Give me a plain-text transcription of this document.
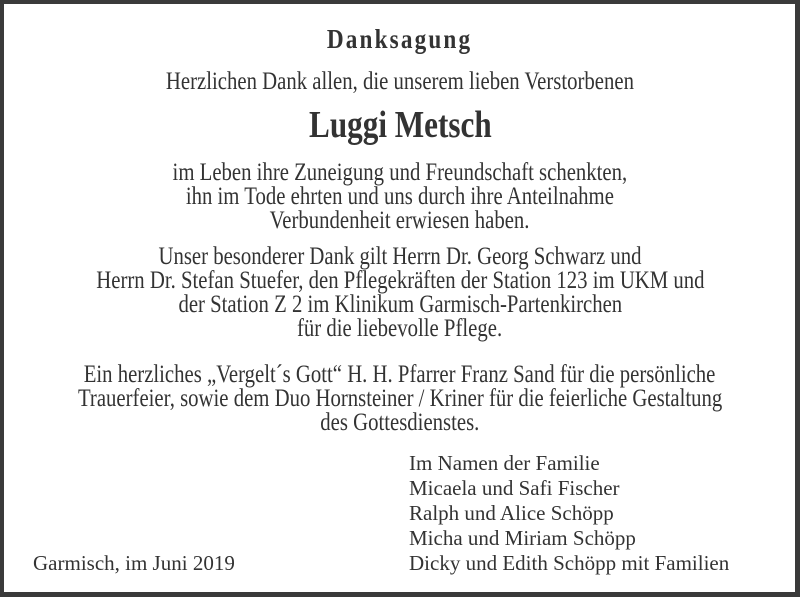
Danksagung
Herzlichen Dank allen, die unserem lieben Verstorbenen
Luggi Metsch
im Leben ihre Zuneigung und Freundschaft schenkten,
ihn im Tode ehrten und uns durch ihre Anteilnahme
Verbundenheit erwiesen haben.
Unser besonderer Dank gilt Herrn Dr. Georg Schwarz und
Herrn Dr. Stefan Stuefer, den Pflegekräften der Station 123 im UKM und
der Station Z 2 im Klinikum Garmisch-Partenkirchen
für die liebevolle Pflege.
Ein herzliches „Vergelt´s Gott“ H. H. Pfarrer Franz Sand für die persönliche
Trauerfeier, sowie dem Duo Hornsteiner / Kriner für die feierliche Gestaltung
des Gottesdienstes.
Im Namen der Familie
Micaela und Safi Fischer
Ralph und Alice Schöpp
Micha und Miriam Schöpp
Dicky und Edith Schöpp mit Familien
Garmisch, im Juni 2019
